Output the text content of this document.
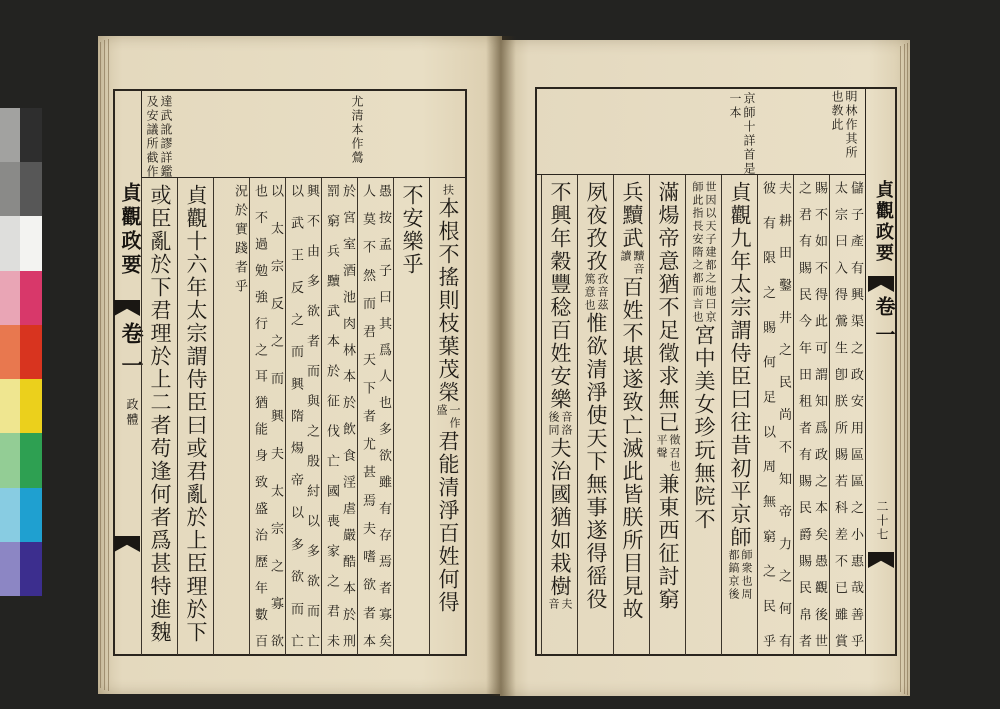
尤清本作鶯
達武訛謬詳鑑
及安議所截作
貞觀政要
卷一
政體
扶
本根不搖則枝葉茂榮
一作
盛
君能清淨百姓何得
不安樂乎
愚按孟子曰其爲人也多欲雖有存焉者寡矣
人莫不然而君天下者尤甚焉夫嗜欲者本
於宮室酒池肉林本於飲食淫虐嚴酷本於刑
罰窮兵黷武本於征伐亡國喪家之君未
興不由多欲者而與之殷紂以多欲而亡
以武王反之而興隋煬帝以多欲而亡
以太宗反之而興夫太宗之寡欲
也不過勉強行之耳猶能身致盛治歷年數百
況於實踐者乎
貞觀十六年太宗謂侍臣曰或君亂於上臣理於下
或臣亂於下君理於上二者苟逢何者爲甚特進魏
眀林作其所
也教此
京師十詳首是
一本
貞觀政要
卷一
二十七
儲子產有興渠之政安用區區之小惠哉善乎
太宗曰入得鶯生卽朕所賜若科差不已雖賞
賜不如不得此可謂知爲政之本矣愚觀後世
之君有賜民今年田租者有賜民爵賜民帛者
夫耕田鑿井之民尚不知帝力之何有
彼有限之賜何足以周無窮之民乎
貞觀九年太宗謂侍臣曰往昔初平京師
師衆也周
都鎬京後
世因以天子建都之地曰京
師此指長安隋之都而言也
宮中美女珍玩無院不
滿煬帝意猶不足徵求無已
徵召也
平聲
兼東西征討窮
兵黷武
黷音
讀
百姓不堪遂致亡滅此皆朕所目見故
夙夜孜孜
孜音茲
篤意也
惟欲清淨使天下無事遂得徭役
不興年穀豐稔百姓安樂
音洛
後同
夫治國猶如栽樹
夫
音
